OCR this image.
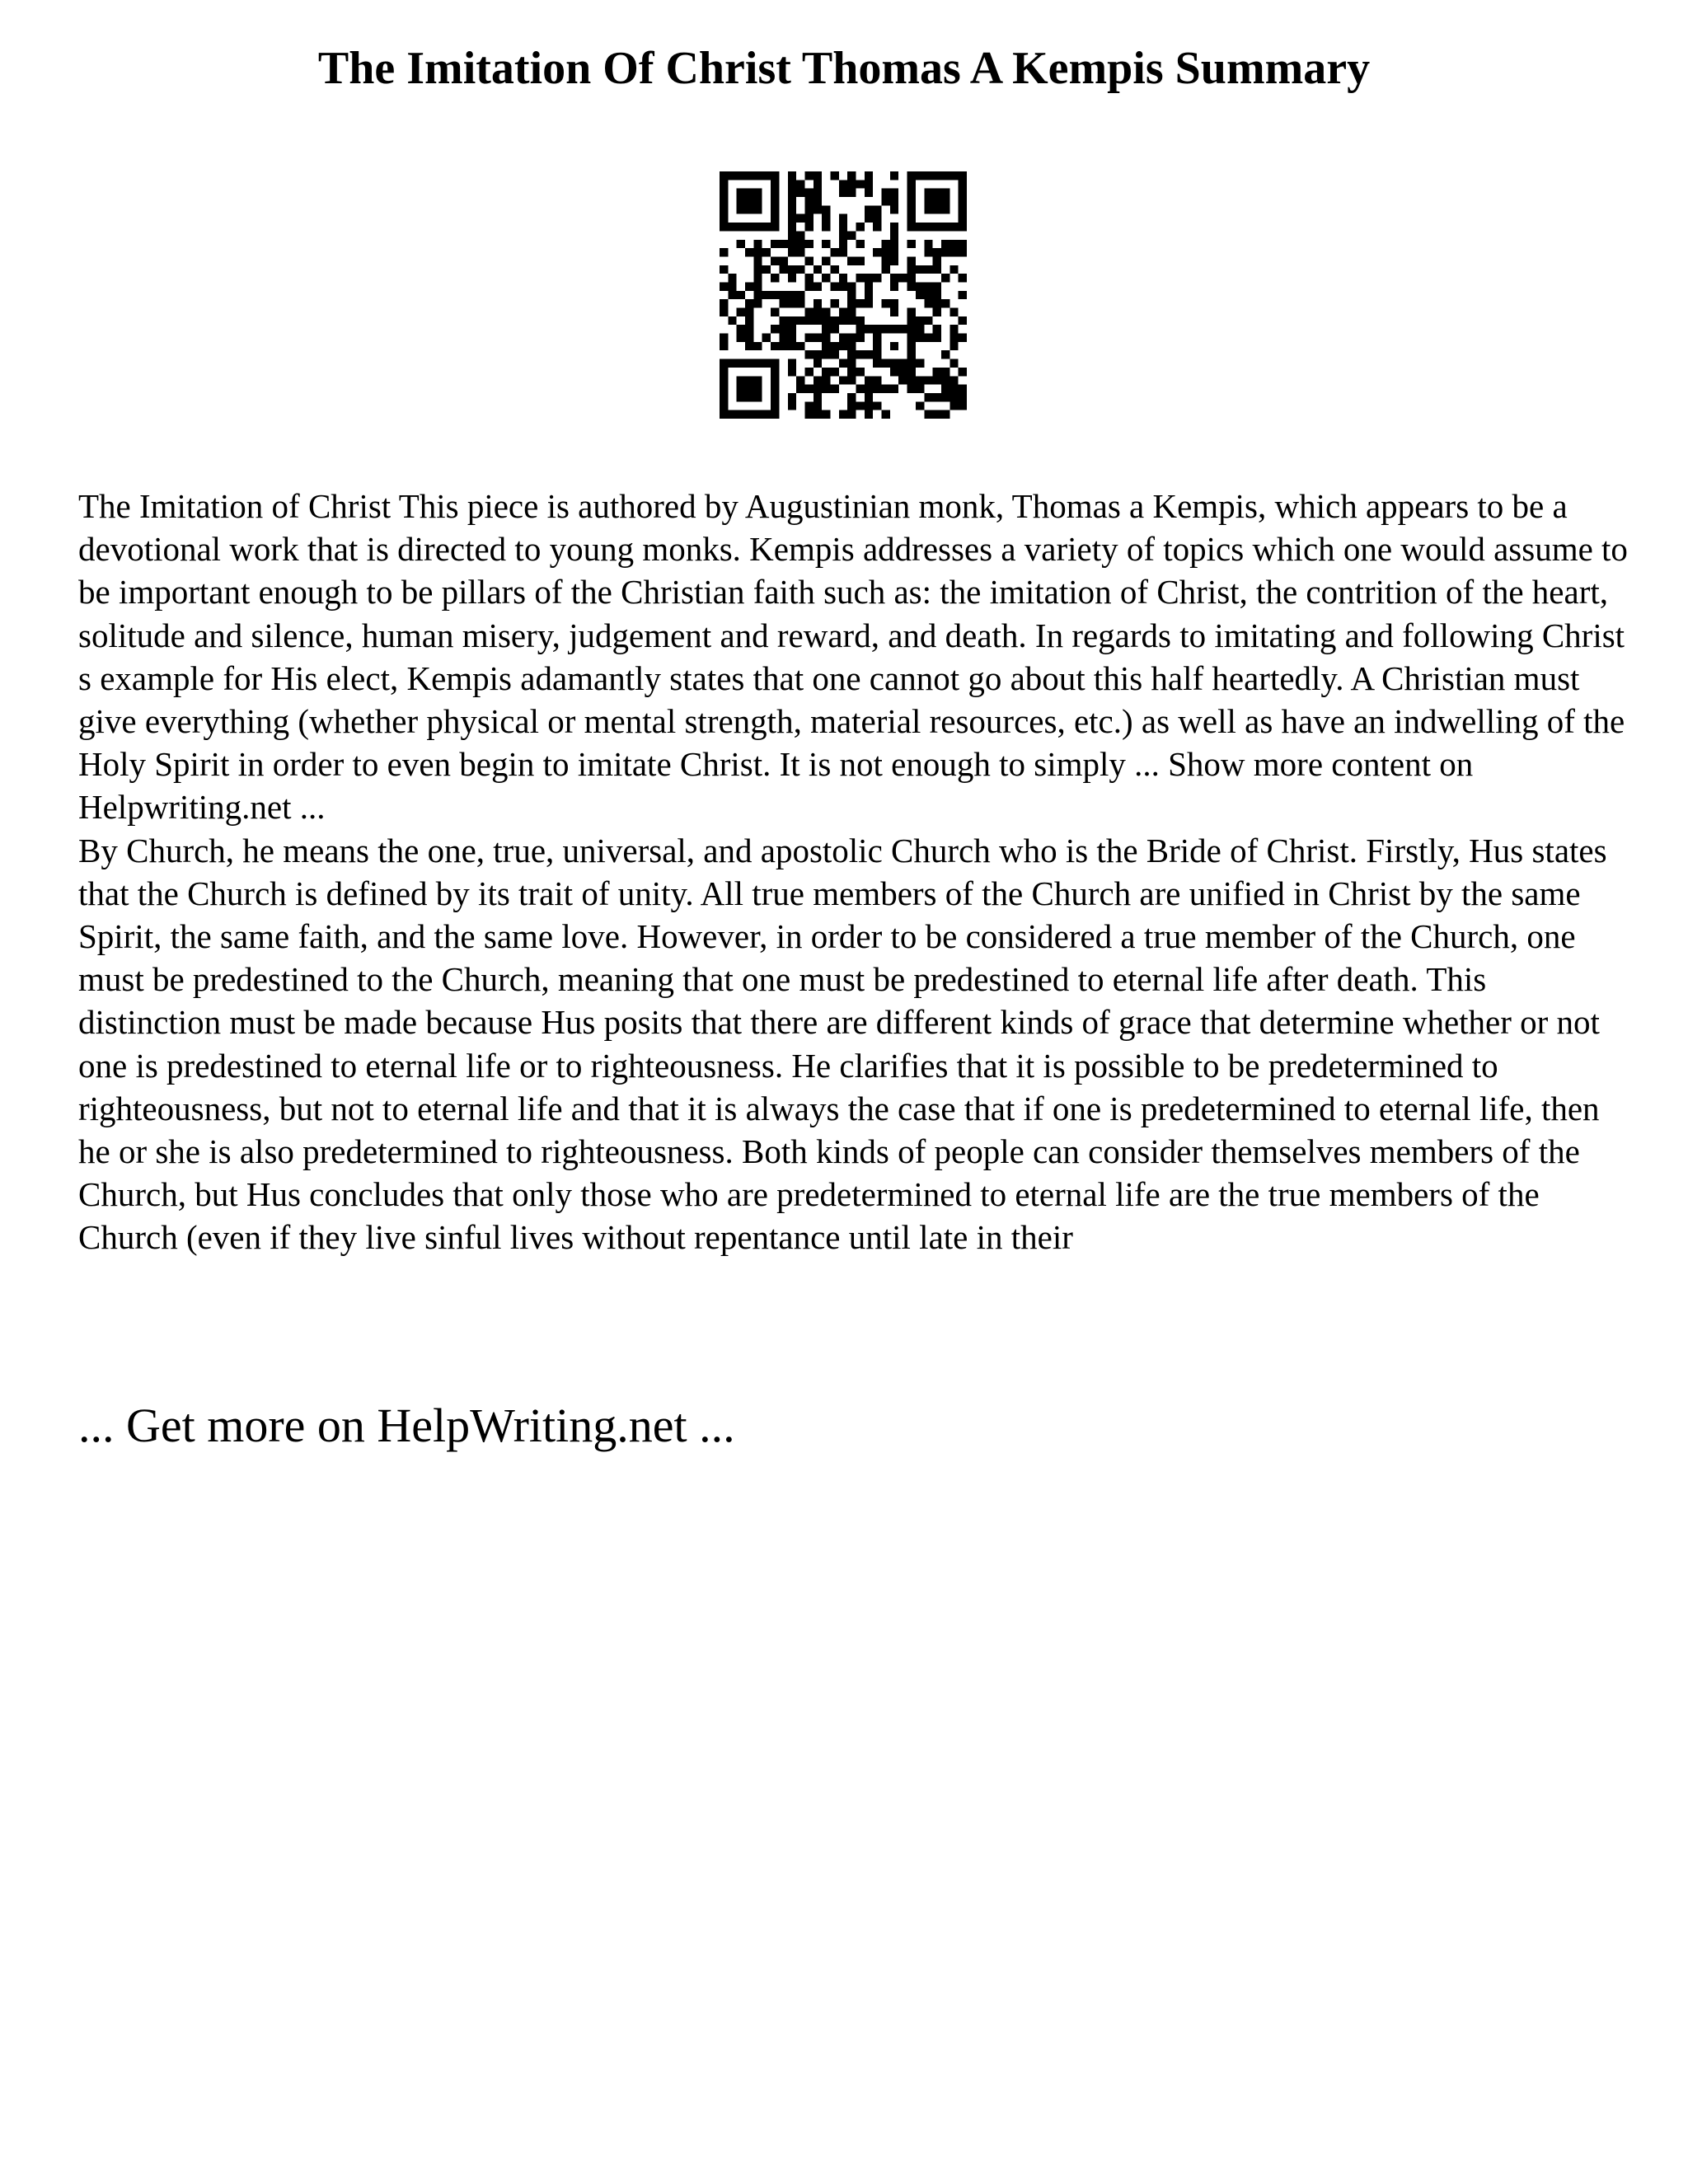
The Imitation Of Christ Thomas A Kempis Summary

The Imitation of Christ This piece is authored by Augustinian monk, Thomas a Kempis, which appears to be a devotional work that is directed to young monks. Kempis addresses a variety of topics which one would assume to be important enough to be pillars of the Christian faith such as: the imitation of Christ, the contrition of the heart, solitude and silence, human misery, judgement and reward, and death. In regards to imitating and following Christ s example for His elect, Kempis adamantly states that one cannot go about this half heartedly. A Christian must give everything (whether physical or mental strength, material resources, etc.) as well as have an indwelling of the Holy Spirit in order to even begin to imitate Christ. It is not enough to simply ... Show more content on Helpwriting.net ...

By Church, he means the one, true, universal, and apostolic Church who is the Bride of Christ. Firstly, Hus states that the Church is defined by its trait of unity. All true members of the Church are unified in Christ by the same Spirit, the same faith, and the same love. However, in order to be considered a true member of the Church, one must be predestined to the Church, meaning that one must be predestined to eternal life after death. This distinction must be made because Hus posits that there are different kinds of grace that determine whether or not one is predestined to eternal life or to righteousness. He clarifies that it is possible to be predetermined to righteousness, but not to eternal life and that it is always the case that if one is predetermined to eternal life, then he or she is also predetermined to righteousness. Both kinds of people can consider themselves members of the Church, but Hus concludes that only those who are predetermined to eternal life are the true members of the Church (even if they live sinful lives without repentance until late in their

... Get more on HelpWriting.net ...
